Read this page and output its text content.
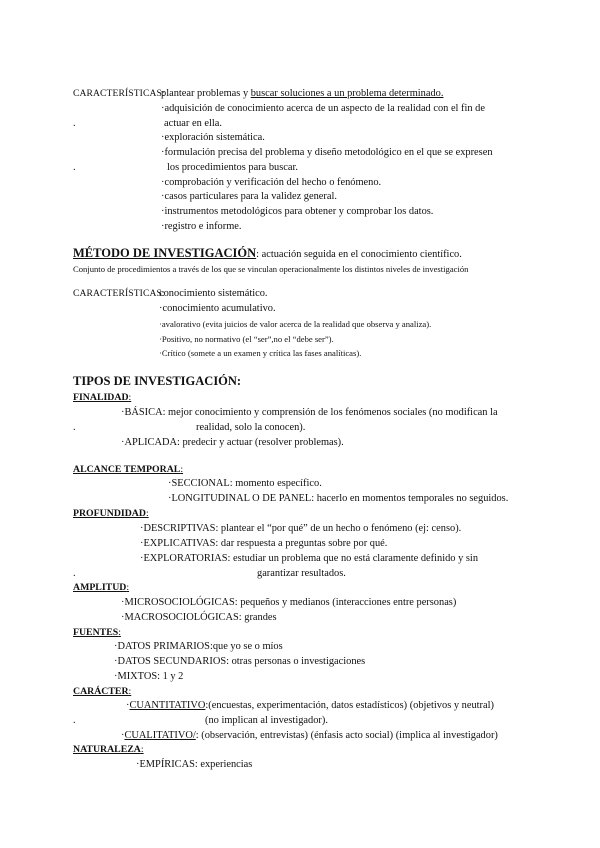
CARACTERÍSTICAS:
plantear problemas y buscar soluciones a un problema determinado.
·adquisición de conocimiento acerca de un aspecto de la realidad con el fin de
.	actuar en ella.
·exploración sistemática.
·formulación precisa del problema y diseño metodológico en el que se expresen
.	los procedimientos para buscar.
·comprobación y verificación del hecho o fenómeno.
·casos particulares para la validez general.
·instrumentos metodológicos para obtener y comprobar los datos.
·registro e informe.
MÉTODO DE INVESTIGACIÓN: actuación seguida en el conocimiento científico.
Conjunto de procedimientos a través de los que se vinculan operacionalmente los distintos niveles de investigación
CARACTERÍSTICAS:
conocimiento sistemático.
·conocimiento acumulativo.
·avalorativo (evita juicios de valor acerca de la realidad que observa y analiza).
·Positivo, no normativo (el “ser”,no el “debe ser”).
·Crítico (somete a un examen y crítica las fases analíticas).
TIPOS DE INVESTIGACIÓN:
FINALIDAD:
·BÁSICA: mejor conocimiento y comprensión de los fenómenos sociales (no modifican la
.	realidad, solo la conocen).
·APLICADA: predecir y actuar (resolver problemas).
ALCANCE TEMPORAL:
·SECCIONAL: momento específico.
·LONGITUDINAL O DE PANEL: hacerlo en momentos temporales no seguidos.
PROFUNDIDAD:
·DESCRIPTIVAS: plantear el “por qué” de un hecho o fenómeno (ej: censo).
·EXPLICATIVAS: dar respuesta a preguntas sobre por qué.
·EXPLORATORIAS: estudiar un problema que no está claramente definido y sin
.	garantizar resultados.
AMPLITUD:
·MICROSOCIOLÓGICAS: pequeños y medianos (interacciones entre personas)
·MACROSOCIOLÓGICAS: grandes
FUENTES:
·DATOS PRIMARIOS:que yo se o míos
·DATOS SECUNDARIOS: otras personas o investigaciones
·MIXTOS: 1 y 2
CARÁCTER:
·CUANTITATIVO:(encuestas, experimentación, datos estadísticos) (objetivos y neutral)
.	(no implican al investigador).
·CUALITATIVO/: (observación, entrevistas) (énfasis acto social) (implica al investigador)
NATURALEZA:
·EMPÍRICAS: experiencias
